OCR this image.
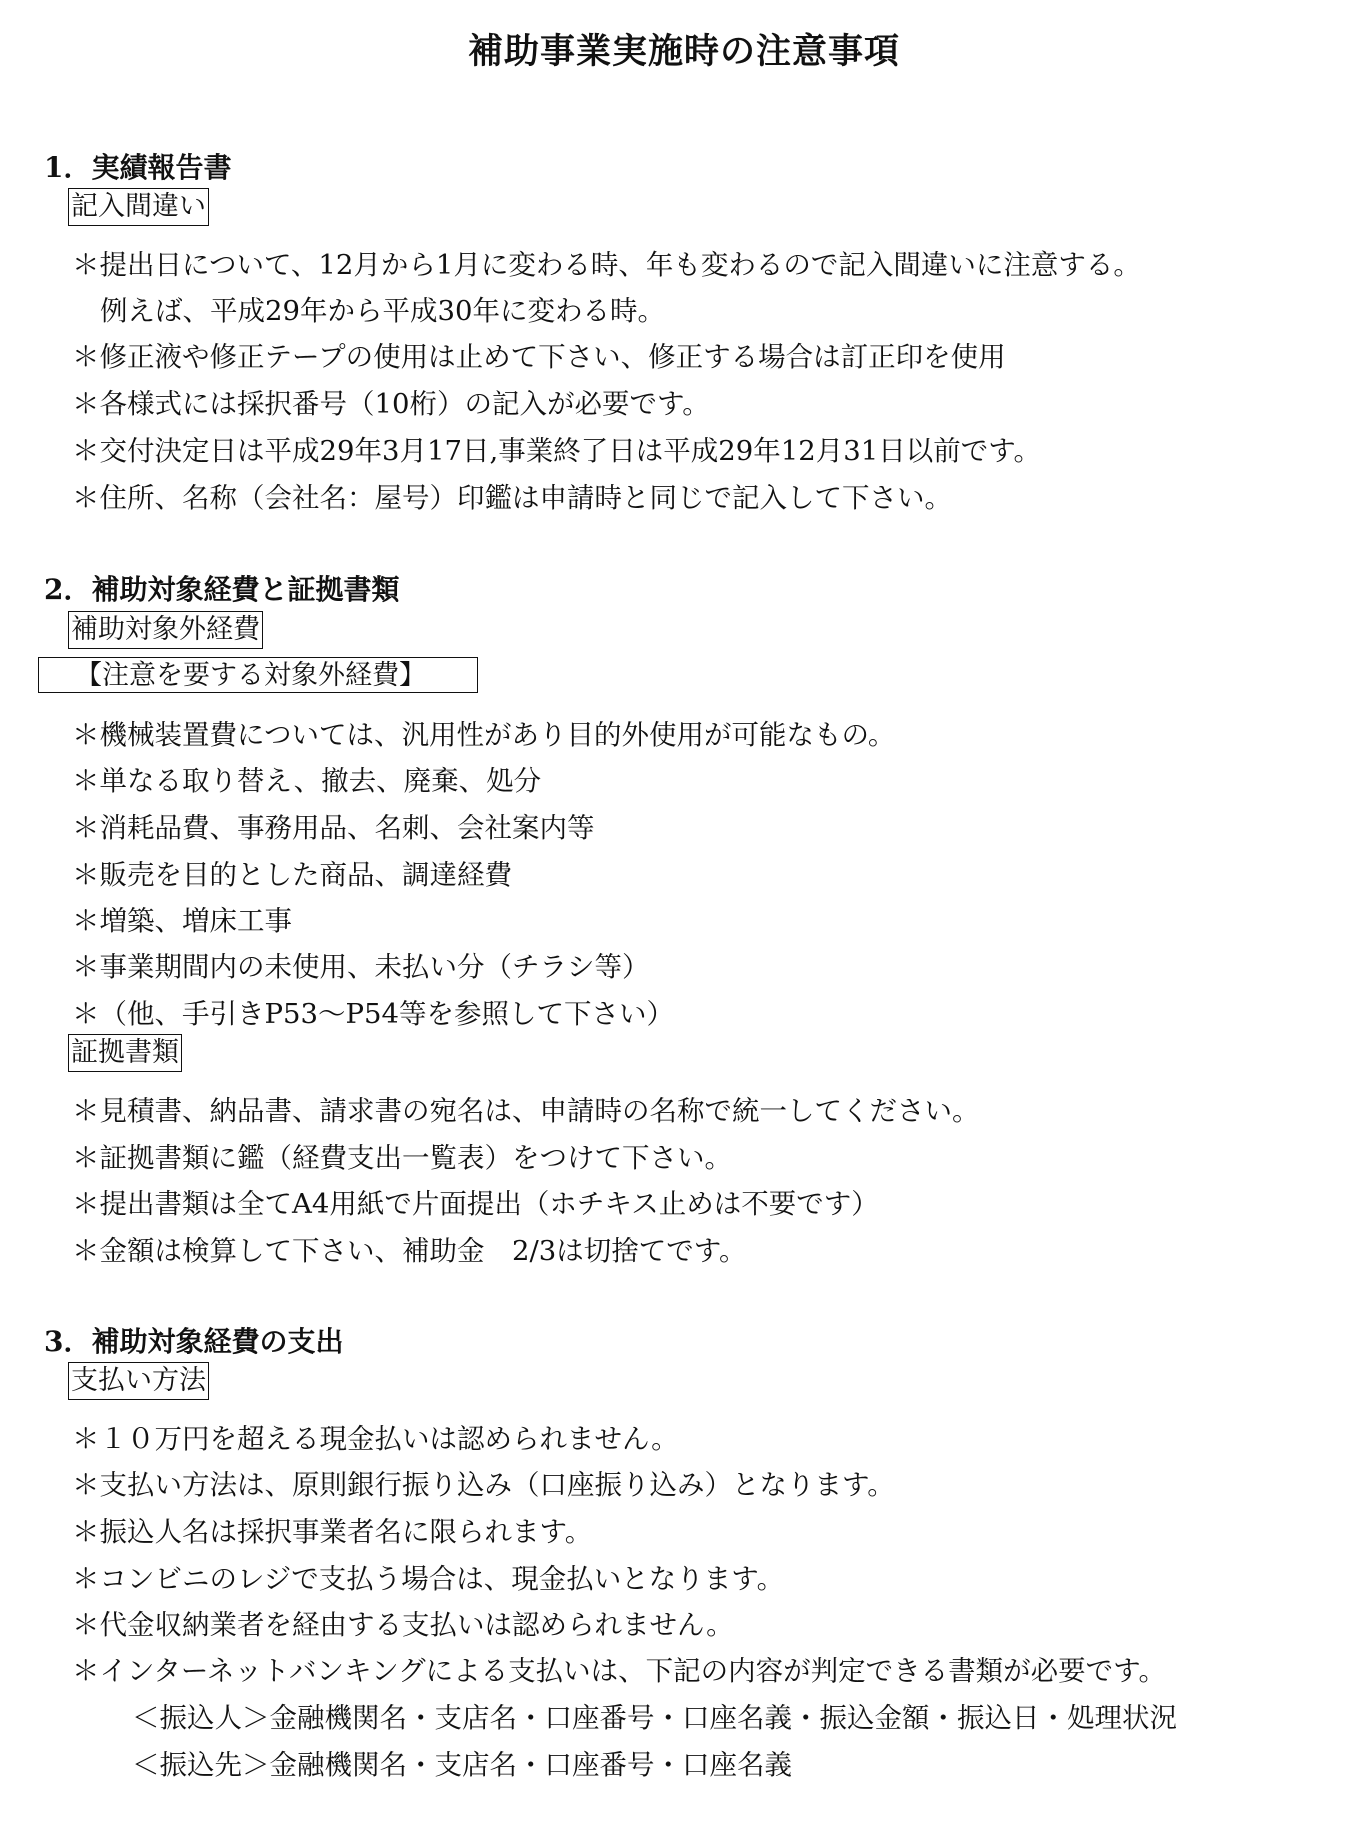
補助事業実施時の注意事項
1．実績報告書
記入間違い
＊提出日について、12月から1月に変わる時、年も変わるので記入間違いに注意する。
例えば、平成29年から平成30年に変わる時。
＊修正液や修正テープの使用は止めて下さい、修正する場合は訂正印を使用
＊各様式には採択番号（10桁）の記入が必要です。
＊交付決定日は平成29年3月17日,事業終了日は平成29年12月31日以前です。
＊住所、名称（会社名：屋号）印鑑は申請時と同じで記入して下さい。
2．補助対象経費と証拠書類
補助対象外経費
【注意を要する対象外経費】
＊機械装置費については、汎用性があり目的外使用が可能なもの。
＊単なる取り替え、撤去、廃棄、処分
＊消耗品費、事務用品、名刺、会社案内等
＊販売を目的とした商品、調達経費
＊増築、増床工事
＊事業期間内の未使用、未払い分（チラシ等）
＊（他、手引きP53～P54等を参照して下さい）
証拠書類
＊見積書、納品書、請求書の宛名は、申請時の名称で統一してください。
＊証拠書類に鑑（経費支出一覧表）をつけて下さい。
＊提出書類は全てA4用紙で片面提出（ホチキス止めは不要です）
＊金額は検算して下さい、補助金　2/3は切捨てです。
3．補助対象経費の支出
支払い方法
＊１０万円を超える現金払いは認められません。
＊支払い方法は、原則銀行振り込み（口座振り込み）となります。
＊振込人名は採択事業者名に限られます。
＊コンビニのレジで支払う場合は、現金払いとなります。
＊代金収納業者を経由する支払いは認められません。
＊インターネットバンキングによる支払いは、下記の内容が判定できる書類が必要です。
＜振込人＞金融機関名・支店名・口座番号・口座名義・振込金額・振込日・処理状況
＜振込先＞金融機関名・支店名・口座番号・口座名義
